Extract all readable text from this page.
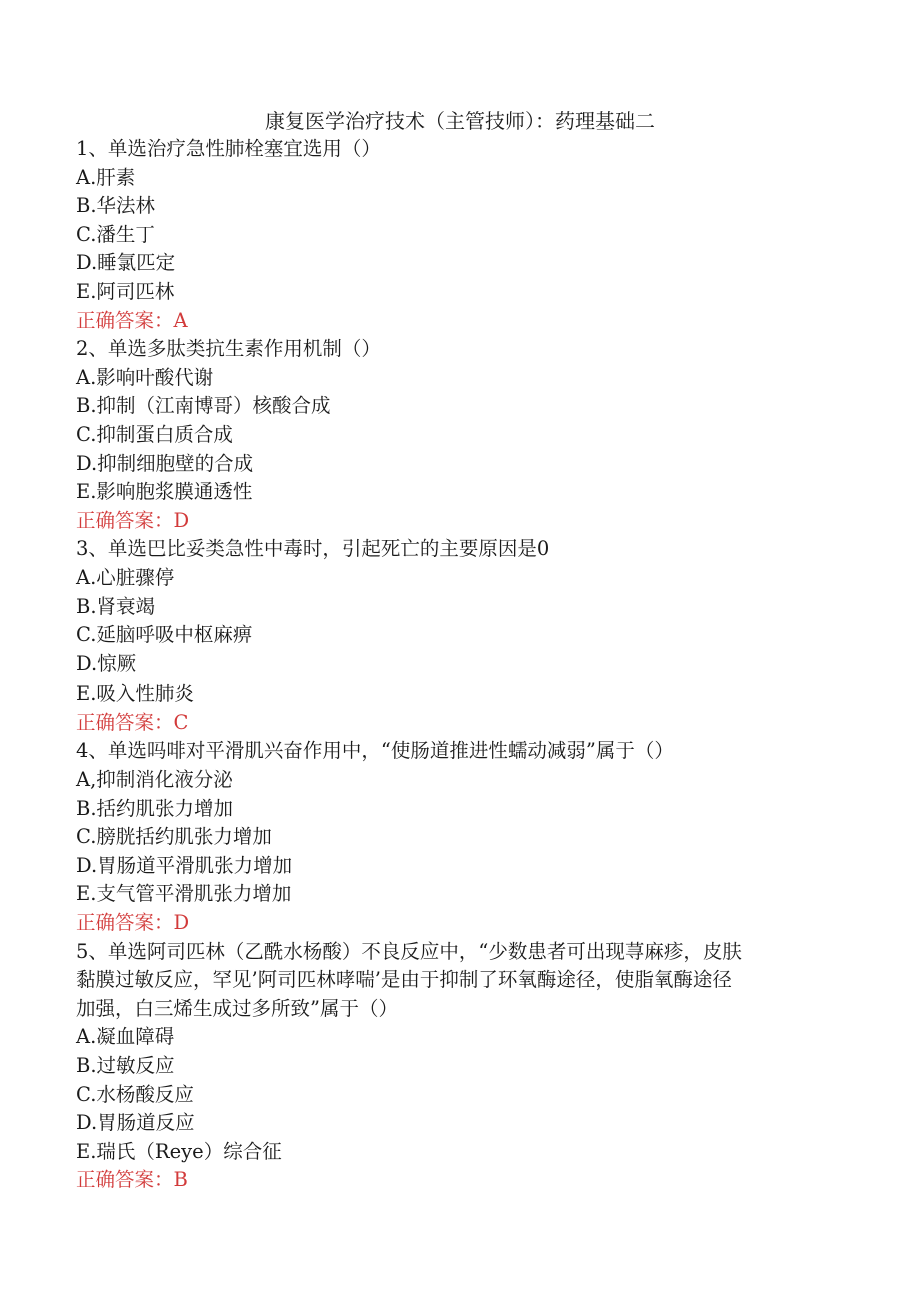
康复医学治疗技术（主管技师）：药理基础二
1、单选治疗急性肺栓塞宜选用（）
A.肝素
B.华法林
C.潘生丁
D.睡氯匹定
E.阿司匹林
正确答案：A
2、单选多肽类抗生素作用机制（）
A.影响叶酸代谢
B.抑制（江南博哥）核酸合成
C.抑制蛋白质合成
D.抑制细胞壁的合成
E.影响胞浆膜通透性
正确答案：D
3、单选巴比妥类急性中毒时，引起死亡的主要原因是0
A.心脏骤停
B.肾衰竭
C.延脑呼吸中枢麻痹
D.惊厥
E.吸入性肺炎
正确答案：C
4、单选吗啡对平滑肌兴奋作用中，“使肠道推进性蠕动减弱”属于（）
A,抑制消化液分泌
B.括约肌张力增加
C.膀胱括约肌张力增加
D.胃肠道平滑肌张力增加
E.支气管平滑肌张力增加
正确答案：D
5、单选阿司匹林（乙酰水杨酸）不良反应中，“少数患者可出现荨麻疹，皮肤
黏膜过敏反应，罕见’阿司匹林哮喘’是由于抑制了环氧酶途径，使脂氧酶途径
加强，白三烯生成过多所致”属于（）
A.凝血障碍
B.过敏反应
C.水杨酸反应
D.胃肠道反应
E.瑞氏（Reye）综合征
正确答案：B
